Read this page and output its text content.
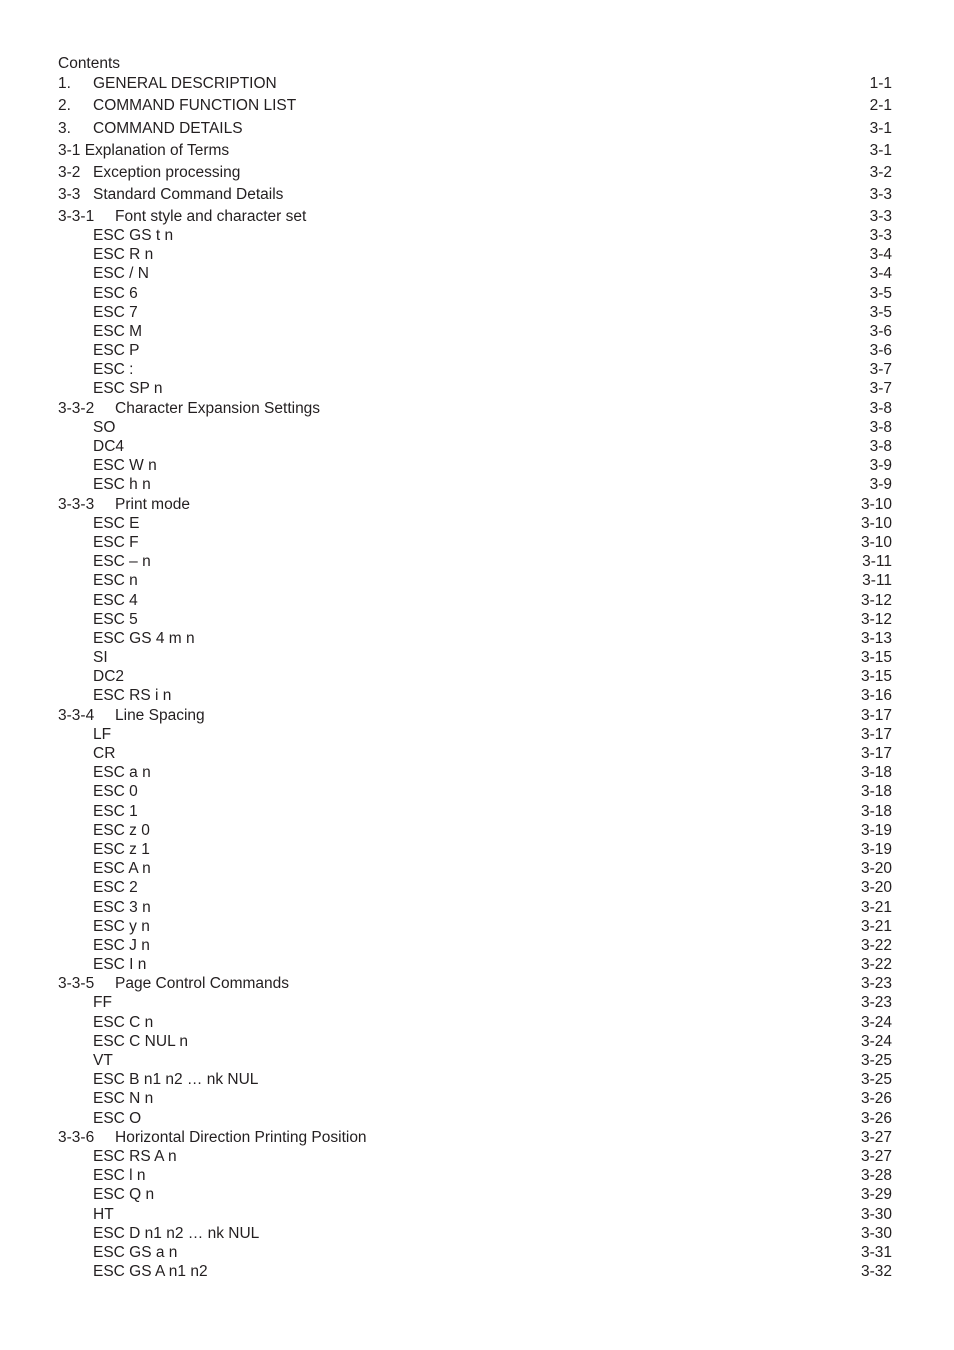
Contents
1. GENERAL DESCRIPTION	1-1
2. COMMAND FUNCTION LIST	2-1
3. COMMAND DETAILS	3-1
3-1 Explanation of Terms	3-1
3-2 Exception processing	3-2
3-3 Standard Command Details	3-3
3-3-1 Font style and character set	3-3
ESC GS t n	3-3
ESC R n	3-4
ESC / N	3-4
ESC 6	3-5
ESC 7	3-5
ESC M	3-6
ESC P	3-6
ESC :	3-7
ESC SP n	3-7
3-3-2 Character Expansion Settings	3-8
SO	3-8
DC4	3-8
ESC W n	3-9
ESC h n	3-9
3-3-3 Print mode	3-10
ESC E	3-10
ESC F	3-10
ESC – n	3-11
ESC n	3-11
ESC 4	3-12
ESC 5	3-12
ESC GS 4 m n	3-13
SI	3-15
DC2	3-15
ESC RS i n	3-16
3-3-4 Line Spacing	3-17
LF	3-17
CR	3-17
ESC a n	3-18
ESC 0	3-18
ESC 1	3-18
ESC z 0	3-19
ESC z 1	3-19
ESC A n	3-20
ESC 2	3-20
ESC 3 n	3-21
ESC y n	3-21
ESC J n	3-22
ESC I n	3-22
3-3-5 Page Control Commands	3-23
FF	3-23
ESC C n	3-24
ESC C NUL n	3-24
VT	3-25
ESC B n1 n2 … nk NUL	3-25
ESC N n	3-26
ESC O	3-26
3-3-6 Horizontal Direction Printing Position	3-27
ESC RS A n	3-27
ESC l n	3-28
ESC Q n	3-29
HT	3-30
ESC D n1 n2 … nk NUL	3-30
ESC GS a n	3-31
ESC GS A n1 n2	3-32
